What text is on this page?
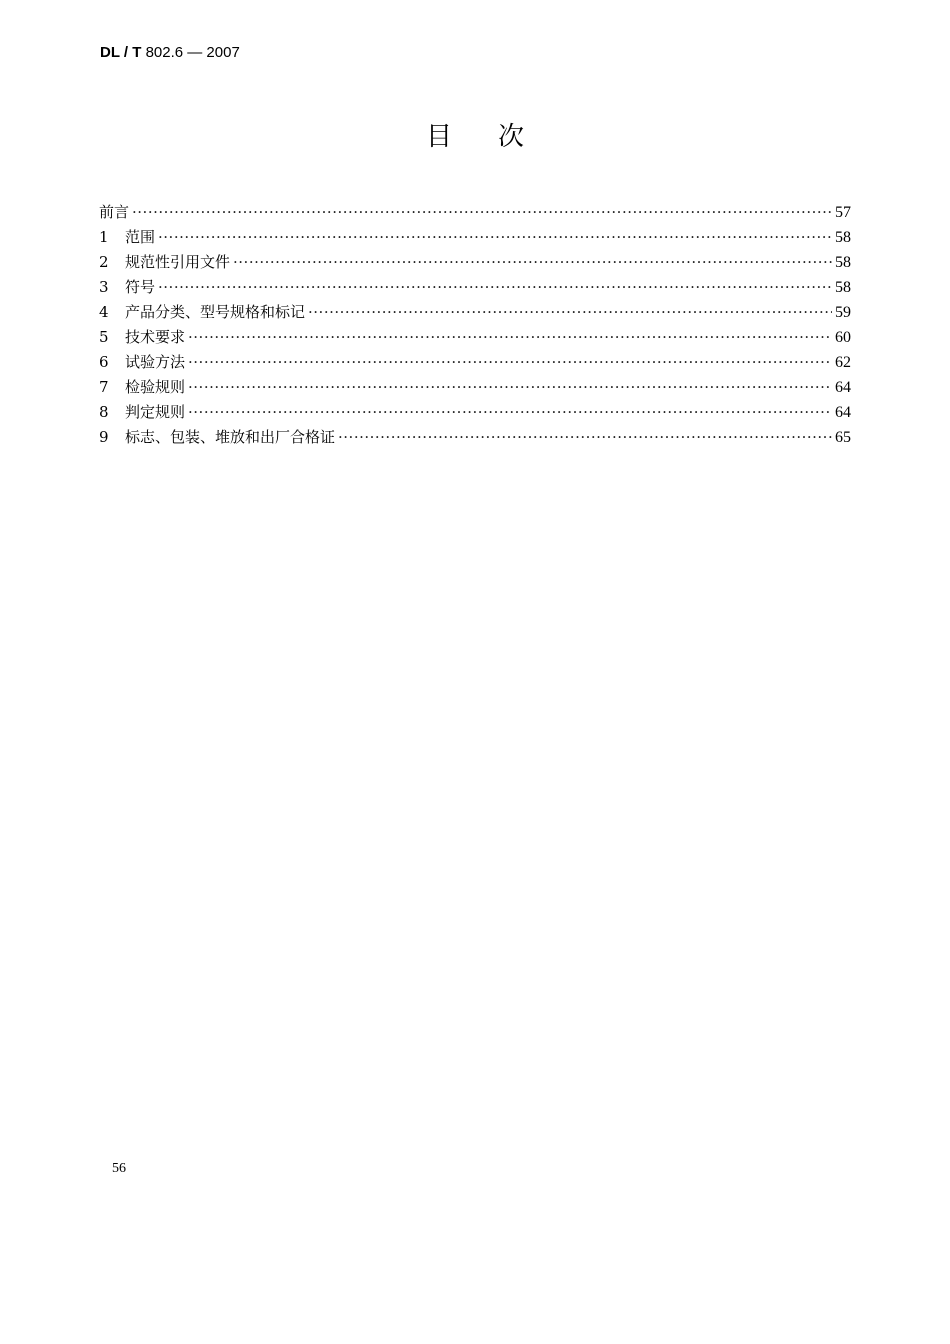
DL / T 802.6 — 2007
目次
前言 ·····	57
1	范围 ·····	58
2	规范性引用文件 ·····	58
3	符号 ·····	58
4	产品分类、型号规格和标记 ·····	59
5	技术要求 ·····	60
6	试验方法 ·····	62
7	检验规则 ·····	64
8	判定规则 ·····	64
9	标志、包装、堆放和出厂合格证 ·····	65
56
